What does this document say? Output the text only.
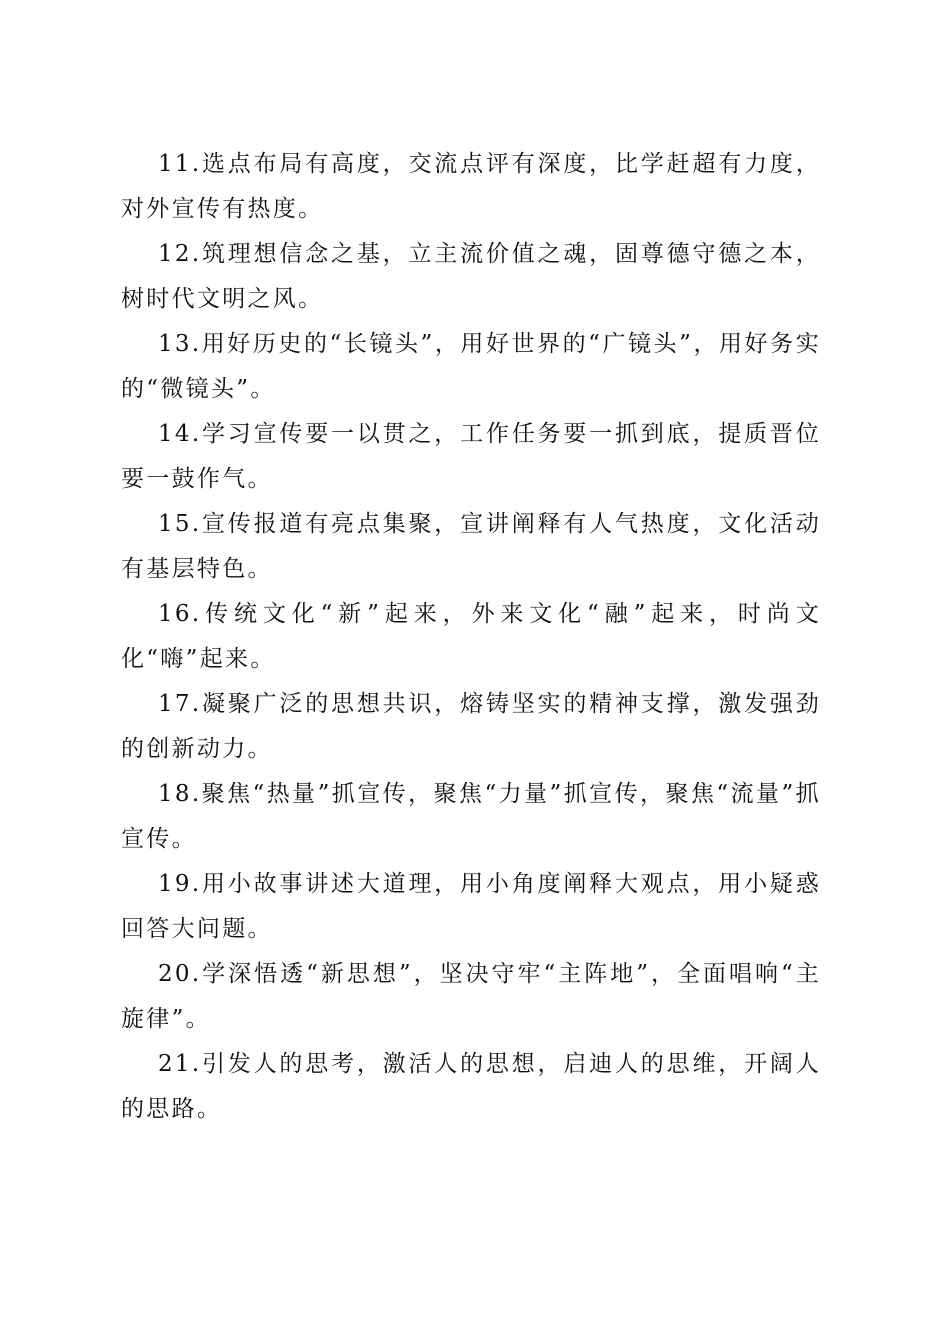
11.选点布局有高度，交流点评有深度，比学赶超有力度，对外宣传有热度。

12.筑理想信念之基，立主流价值之魂，固尊德守德之本，树时代文明之风。

13.用好历史的“长镜头”，用好世界的“广镜头”，用好务实的“微镜头”。

14.学习宣传要一以贯之，工作任务要一抓到底，提质晋位要一鼓作气。

15.宣传报道有亮点集聚，宣讲阐释有人气热度，文化活动有基层特色。

16.传统文化“新”起来，外来文化“融”起来，时尚文化“嗨”起来。

17.凝聚广泛的思想共识，熔铸坚实的精神支撑，激发强劲的创新动力。

18.聚焦“热量”抓宣传，聚焦“力量”抓宣传，聚焦“流量”抓宣传。

19.用小故事讲述大道理，用小角度阐释大观点，用小疑惑回答大问题。

20.学深悟透“新思想”，坚决守牢“主阵地”，全面唱响“主旋律”。

21.引发人的思考，激活人的思想，启迪人的思维，开阔人的思路。
